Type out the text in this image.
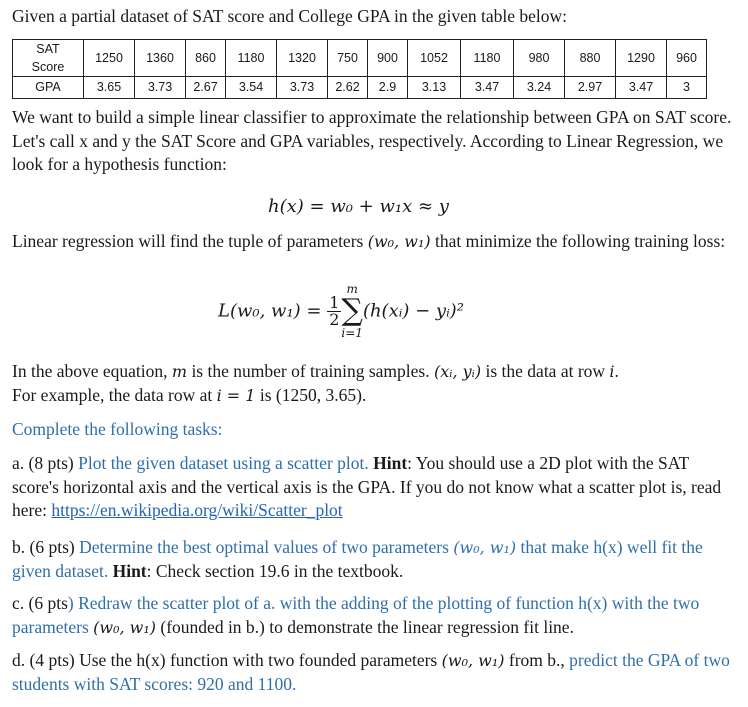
Given a partial dataset of SAT score and College GPA in the given table below:
SAT
Score	1250	1360	860	1180	1320	750	900	1052	1180	980	880	1290	960
GPA	3.65	3.73	2.67	3.54	3.73	2.62	2.9	3.13	3.47	3.24	2.97	3.47	3
We want to build a simple linear classifier to approximate the relationship between GPA on SAT score. Let's call x and y the SAT Score and GPA variables, respectively. According to Linear Regression, we look for a hypothesis function:
h(x) = w₀ + w₁x ≈ y
Linear regression will find the tuple of parameters (w₀, w₁) that minimize the following training loss:
L(w₀, $w_1) = \frac{1}{2}$
m
∑
i=1
(h(xᵢ) − yᵢ)²
In the above equation, m is the number of training samples. (xᵢ, yᵢ) is the data at row i.
For example, the data row at i = 1 is (1250, 3.65).
Complete the following tasks:
a. (8 pts) Plot the given dataset using a scatter plot. Hint: You should use a 2D plot with the SAT score's horizontal axis and the vertical axis is the GPA. If you do not know what a scatter plot is, read here: https://en.wikipedia.org/wiki/Scatter_plot
b. (6 pts) Determine the best optimal values of two parameters (w₀, w₁) that make h(x) well fit the given dataset. Hint: Check section 19.6 in the textbook.
c. (6 pts) Redraw the scatter plot of a. with the adding of the plotting of function h(x) with the two parameters (w₀, w₁) (founded in b.) to demonstrate the linear regression fit line.
d. (4 pts) Use the h(x) function with two founded parameters (w₀, w₁) from b., predict the GPA of two students with SAT scores: 920 and 1100.
